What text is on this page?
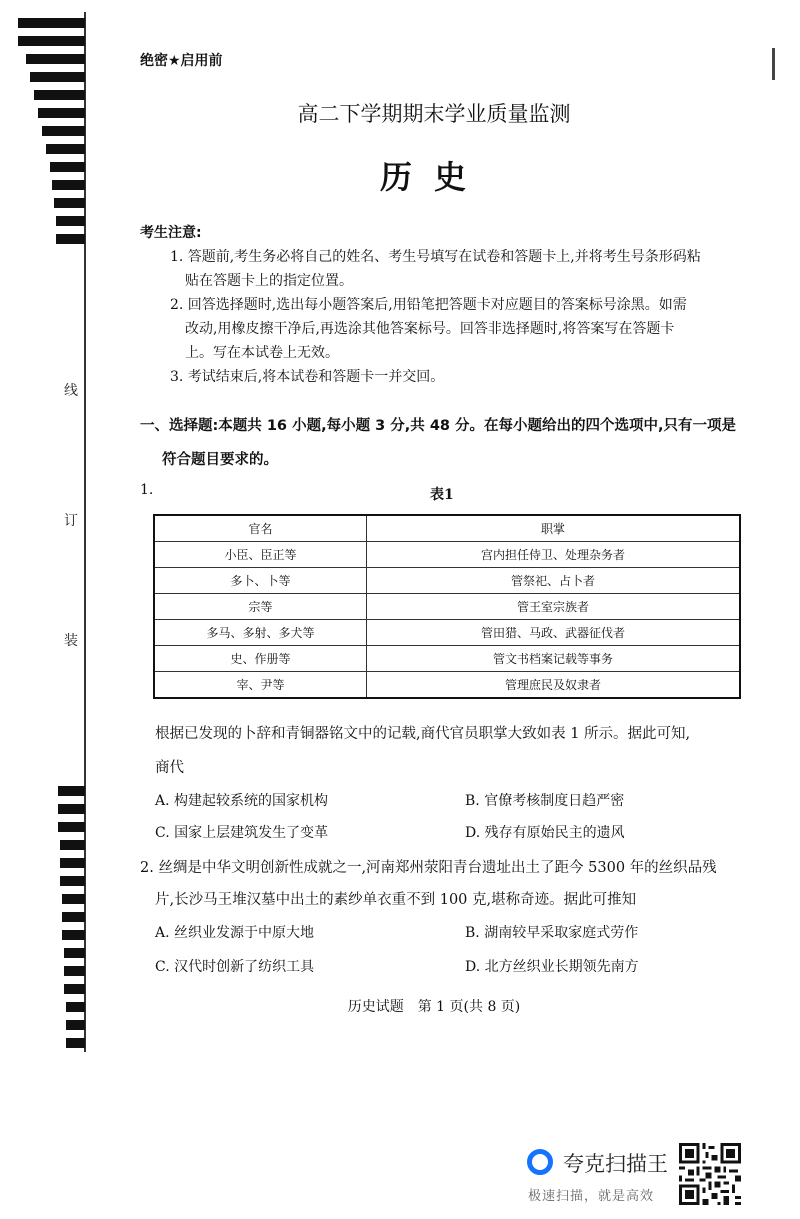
线
订
装
绝密★启用前
高二下学期期末学业质量监测
历史
考生注意:
1. 答题前,考生务必将自己的姓名、考生号填写在试卷和答题卡上,并将考生号条形码粘
贴在答题卡上的指定位置。
2. 回答选择题时,选出每小题答案后,用铅笔把答题卡对应题目的答案标号涂黑。如需
改动,用橡皮擦干净后,再选涂其他答案标号。回答非选择题时,将答案写在答题卡
上。写在本试卷上无效。
3. 考试结束后,将本试卷和答题卡一并交回。
一、选择题:本题共 16 小题,每小题 3 分,共 48 分。在每小题给出的四个选项中,只有一项是
符合题目要求的。
1.	表1
官名	职掌
小臣、臣正等	宫内担任侍卫、处理杂务者
多卜、卜等	管祭祀、占卜者
宗等	管王室宗族者
多马、多射、多犬等	管田猎、马政、武器征伐者
史、作册等	管文书档案记载等事务
宰、尹等	管理庶民及奴隶者
根据已发现的卜辞和青铜器铭文中的记载,商代官员职掌大致如表 1 所示。据此可知,
商代
A. 构建起较系统的国家机构	B. 官僚考核制度日趋严密
C. 国家上层建筑发生了变革	D. 残存有原始民主的遗风
2. 丝绸是中华文明创新性成就之一,河南郑州荥阳青台遗址出土了距今 5300 年的丝织品残
片,长沙马王堆汉墓中出土的素纱单衣重不到 100 克,堪称奇迹。据此可推知
A. 丝织业发源于中原大地	B. 湖南较早采取家庭式劳作
C. 汉代时创新了纺织工具	D. 北方丝织业长期领先南方
历史试题　第 1 页(共 8 页)
夸克扫描王
极速扫描，就是高效
